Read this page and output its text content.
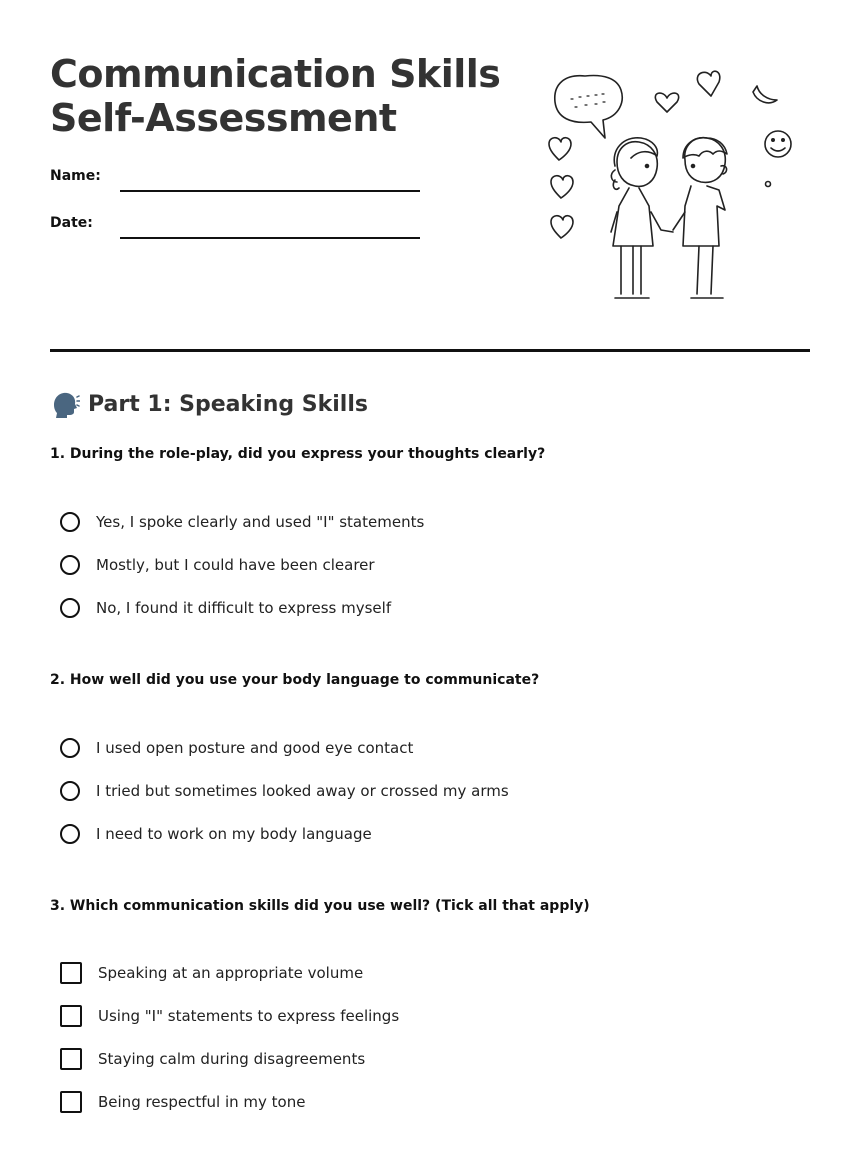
Communication Skills
Self-Assessment
Name:
Date:
Part 1: Speaking Skills

1. During the role-play, did you express your thoughts clearly?

Yes, I spoke clearly and used "I" statements
Mostly, but I could have been clearer
No, I found it difficult to express myself

2. How well did you use your body language to communicate?

I used open posture and good eye contact
I tried but sometimes looked away or crossed my arms
I need to work on my body language

3. Which communication skills did you use well? (Tick all that apply)

Speaking at an appropriate volume
Using "I" statements to express feelings
Staying calm during disagreements
Being respectful in my tone
